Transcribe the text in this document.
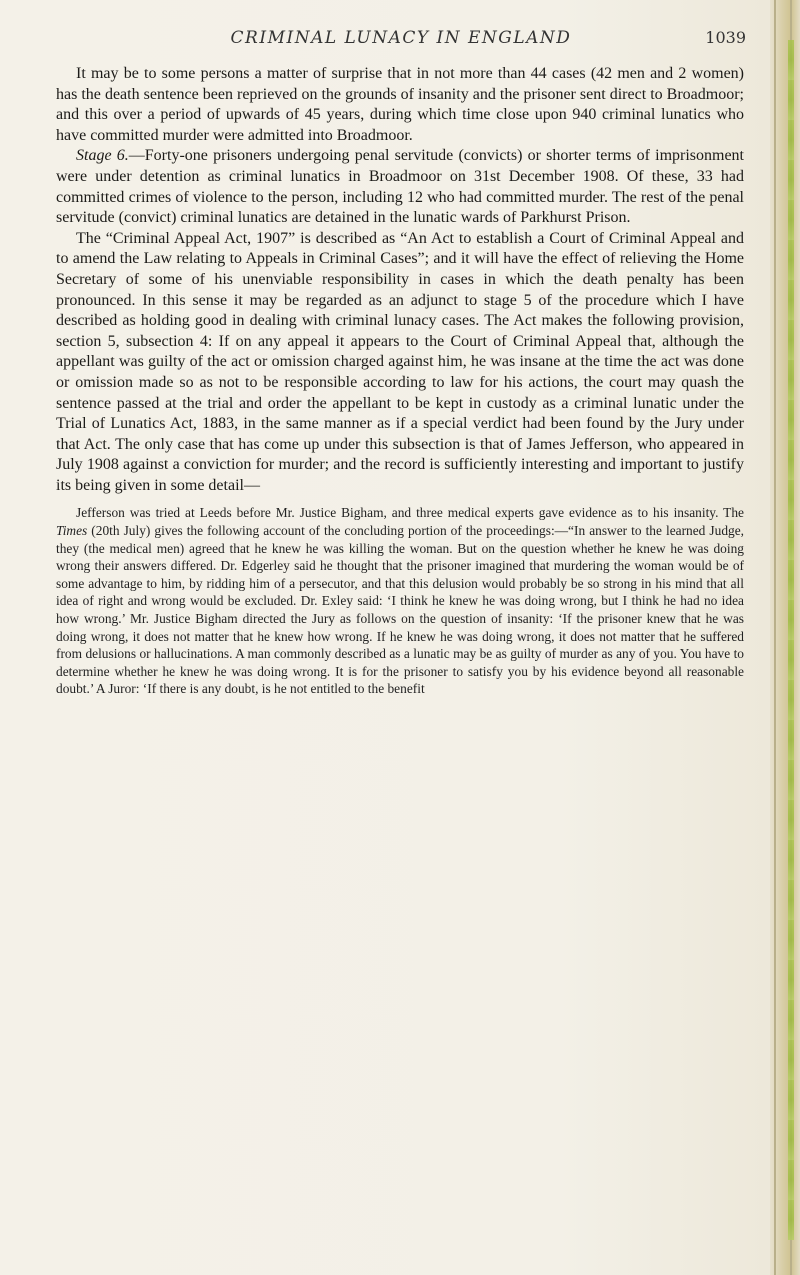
CRIMINAL LUNACY IN ENGLAND	1039

It may be to some persons a matter of surprise that in not more than 44 cases (42 men and 2 women) has the death sentence been reprieved on the grounds of insanity and the prisoner sent direct to Broadmoor; and this over a period of upwards of 45 years, during which time close upon 940 criminal lunatics who have committed murder were admitted into Broadmoor.

Stage 6.—Forty-one prisoners undergoing penal servitude (convicts) or shorter terms of imprisonment were under detention as criminal lunatics in Broadmoor on 31st December 1908. Of these, 33 had committed crimes of violence to the person, including 12 who had committed murder. The rest of the penal servitude (convict) criminal lunatics are detained in the lunatic wards of Parkhurst Prison.

The “Criminal Appeal Act, 1907” is described as “An Act to establish a Court of Criminal Appeal and to amend the Law relating to Appeals in Criminal Cases”; and it will have the effect of relieving the Home Secretary of some of his unenviable responsibility in cases in which the death penalty has been pronounced. In this sense it may be regarded as an adjunct to stage 5 of the procedure which I have described as holding good in dealing with criminal lunacy cases. The Act makes the following provision, section 5, subsection 4: If on any appeal it appears to the Court of Criminal Appeal that, although the appellant was guilty of the act or omission charged against him, he was insane at the time the act was done or omission made so as not to be responsible according to law for his actions, the court may quash the sentence passed at the trial and order the appellant to be kept in custody as a criminal lunatic under the Trial of Lunatics Act, 1883, in the same manner as if a special verdict had been found by the Jury under that Act. The only case that has come up under this subsection is that of James Jefferson, who appeared in July 1908 against a conviction for murder; and the record is sufficiently interesting and important to justify its being given in some detail—

Jefferson was tried at Leeds before Mr. Justice Bigham, and three medical experts gave evidence as to his insanity. The Times (20th July) gives the following account of the concluding portion of the proceedings:—“In answer to the learned Judge, they (the medical men) agreed that he knew he was killing the woman. But on the question whether he knew he was doing wrong their answers differed. Dr. Edgerley said he thought that the prisoner imagined that murdering the woman would be of some advantage to him, by ridding him of a persecutor, and that this delusion would probably be so strong in his mind that all idea of right and wrong would be excluded. Dr. Exley said: ‘I think he knew he was doing wrong, but I think he had no idea how wrong.’ Mr. Justice Bigham directed the Jury as follows on the question of insanity: ‘If the prisoner knew that he was doing wrong, it does not matter that he knew how wrong. If he knew he was doing wrong, it does not matter that he suffered from delusions or hallucinations. A man commonly described as a lunatic may be as guilty of murder as any of you. You have to determine whether he knew he was doing wrong. It is for the prisoner to satisfy you by his evidence beyond all reasonable doubt.’ A Juror: ‘If there is any doubt, is he not entitled to the benefit
